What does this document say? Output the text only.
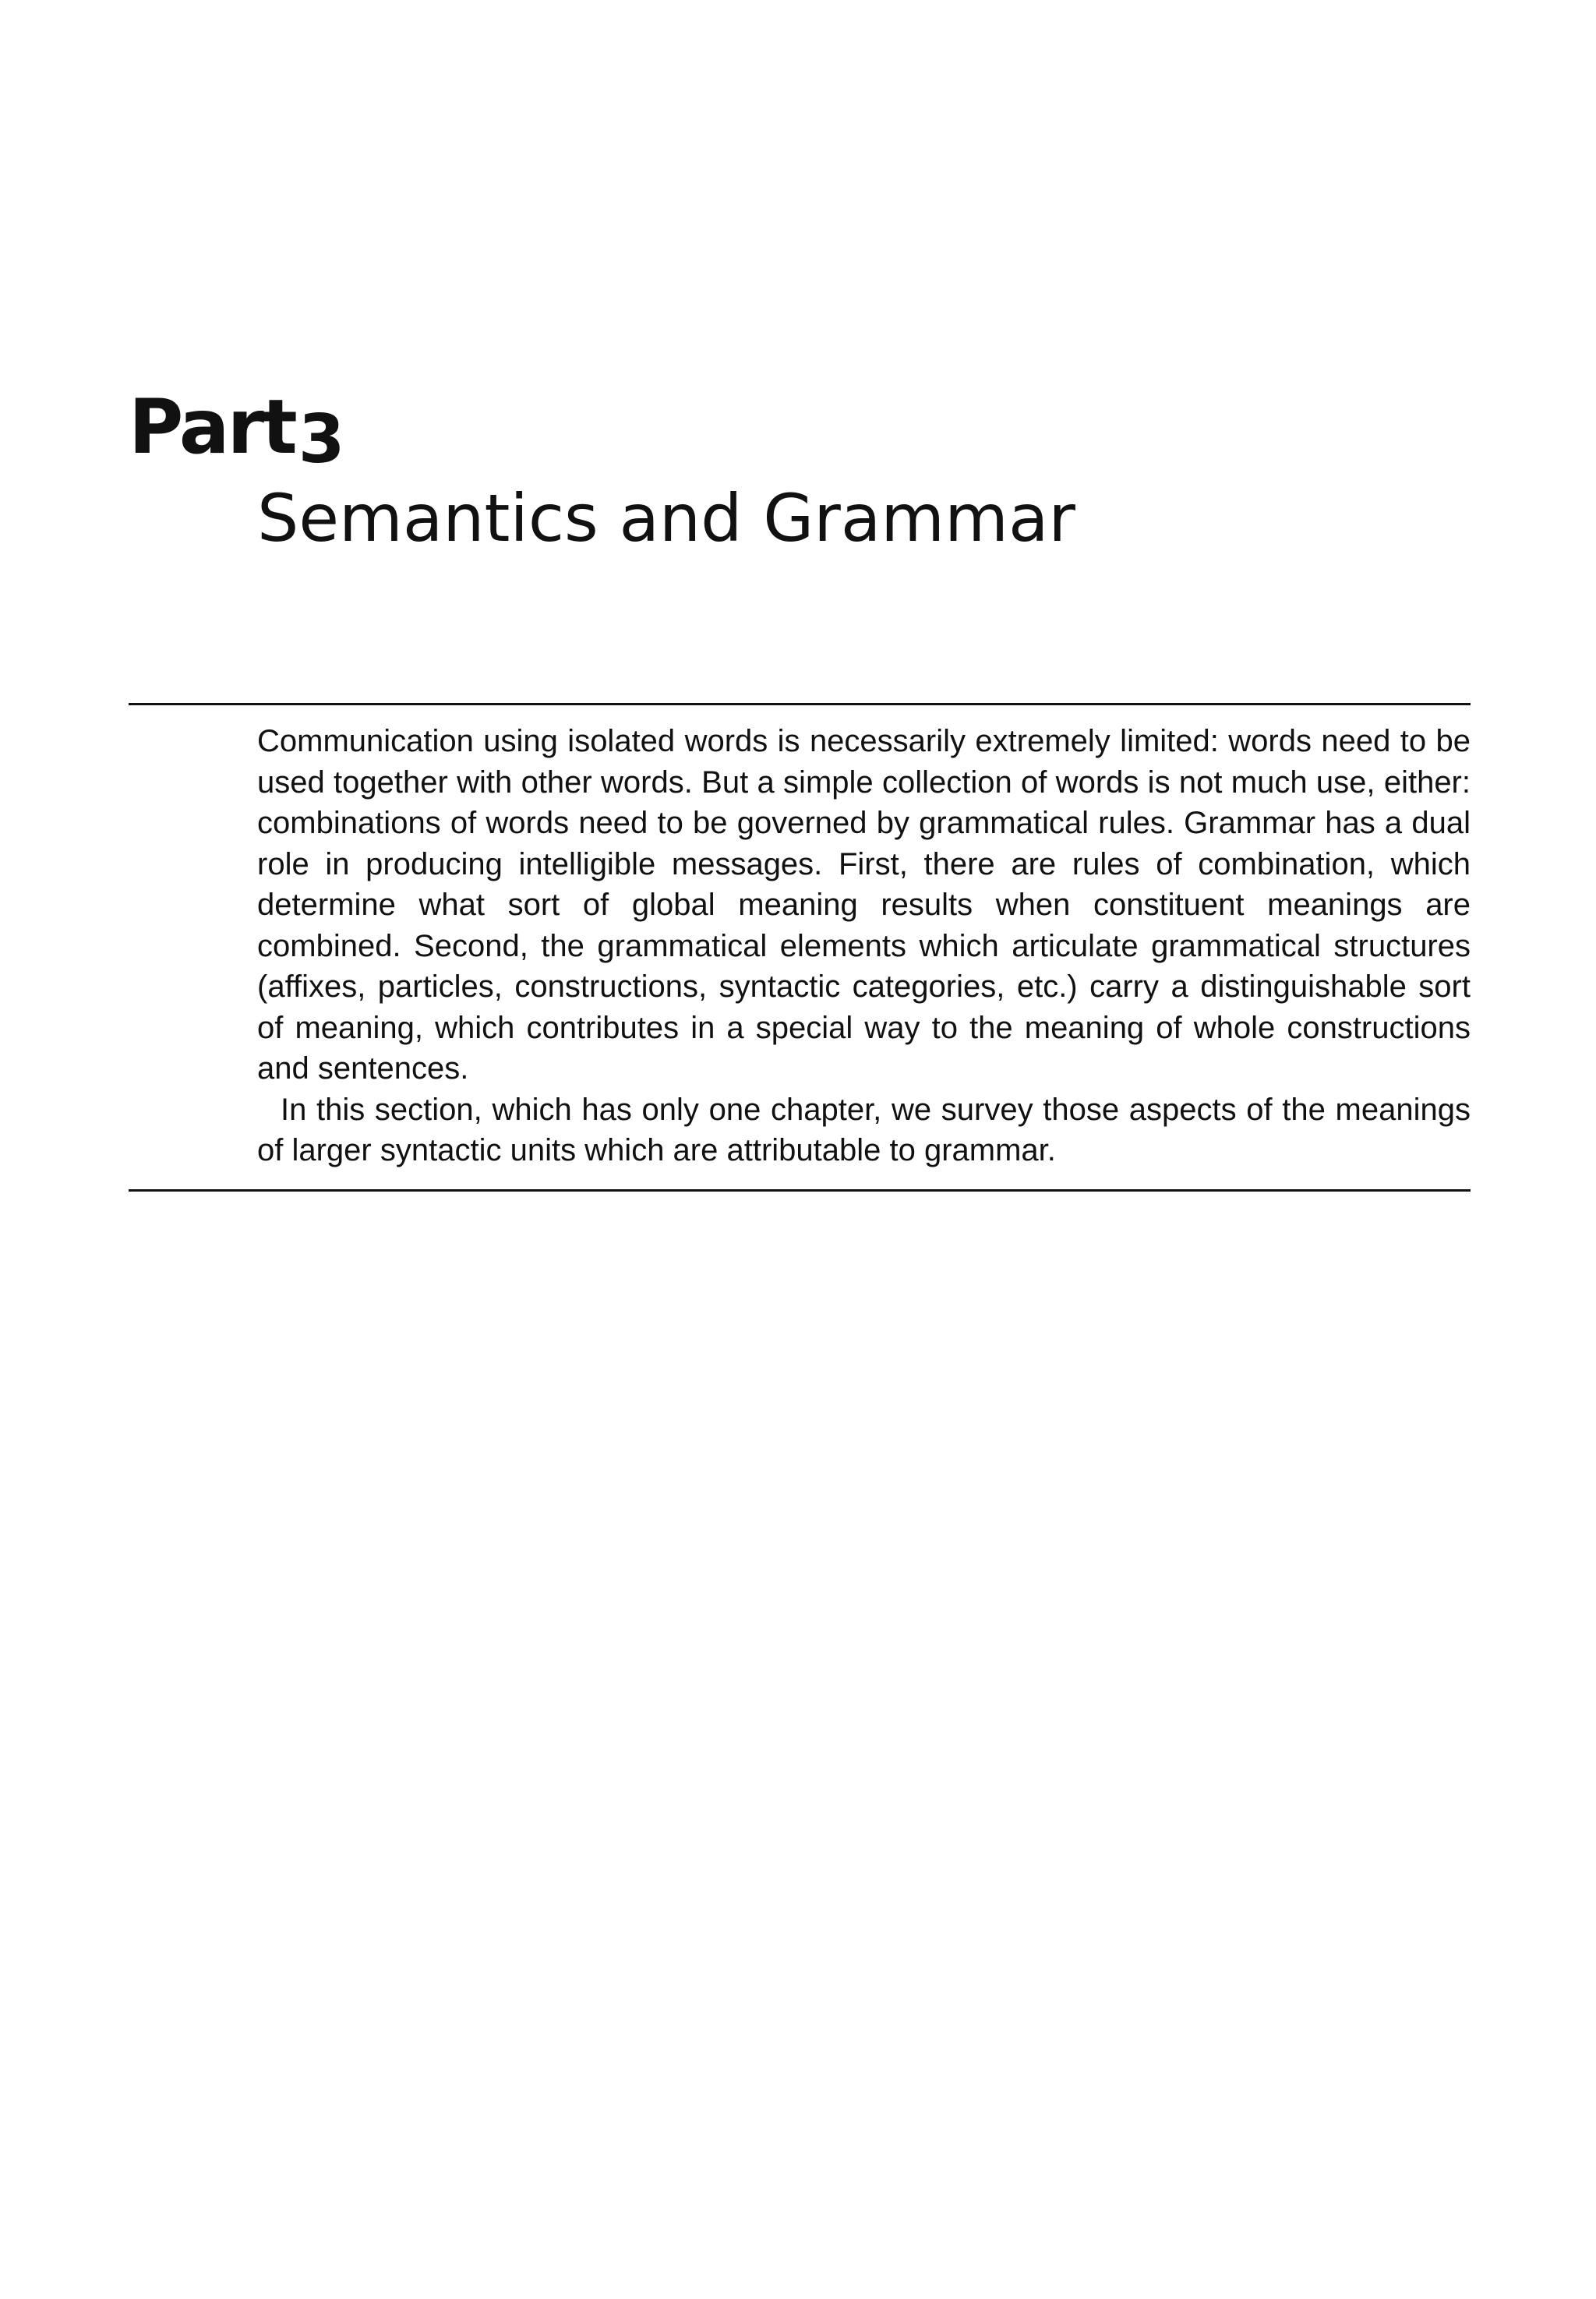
Part3
Semantics and Grammar

Communication using isolated words is necessarily extremely limited: words need to be used together with other words. But a simple collection of words is not much use, either: combinations of words need to be governed by grammatical rules. Grammar has a dual role in producing intelligible messages. First, there are rules of combination, which determine what sort of global meaning results when constituent meanings are combined. Second, the grammatical elements which articulate grammatical structures (affixes, particles, constructions, syntactic categories, etc.) carry a distinguishable sort of meaning, which contributes in a special way to the meaning of whole constructions and sentences.

In this section, which has only one chapter, we survey those aspects of the meanings of larger syntactic units which are attributable to grammar.
